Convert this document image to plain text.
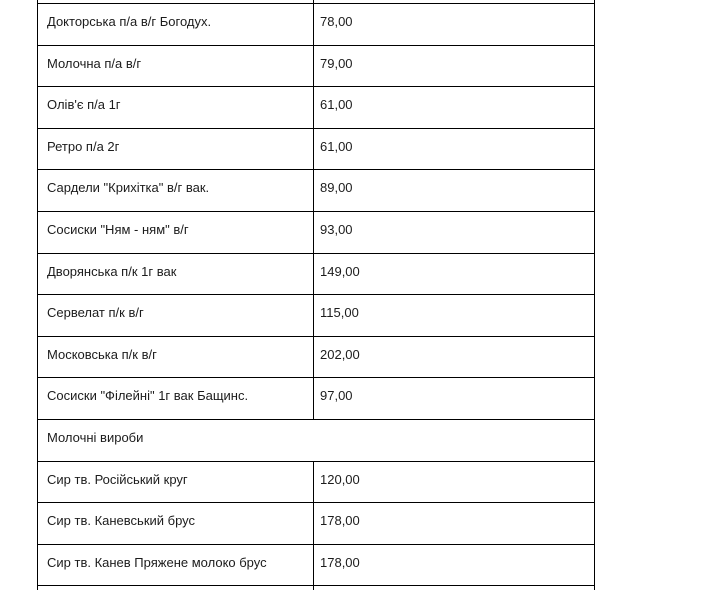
Докторська п/а в/г Богодух.	78,00
Молочна п/а в/г	79,00
Олів'є п/а 1г	61,00
Ретро п/а 2г	61,00
Сардели "Крихітка" в/г вак.	89,00
Сосиски "Ням - ням" в/г	93,00
Дворянська п/к 1г вак	149,00
Сервелат п/к в/г	115,00
Московська п/к в/г	202,00
Сосиски "Філейні" 1г вак Бащинс.	97,00
Молочні вироби
Сир тв. Російський круг	120,00
Сир тв. Каневський брус	178,00
Сир тв. Канев Пряжене молоко брус	178,00
